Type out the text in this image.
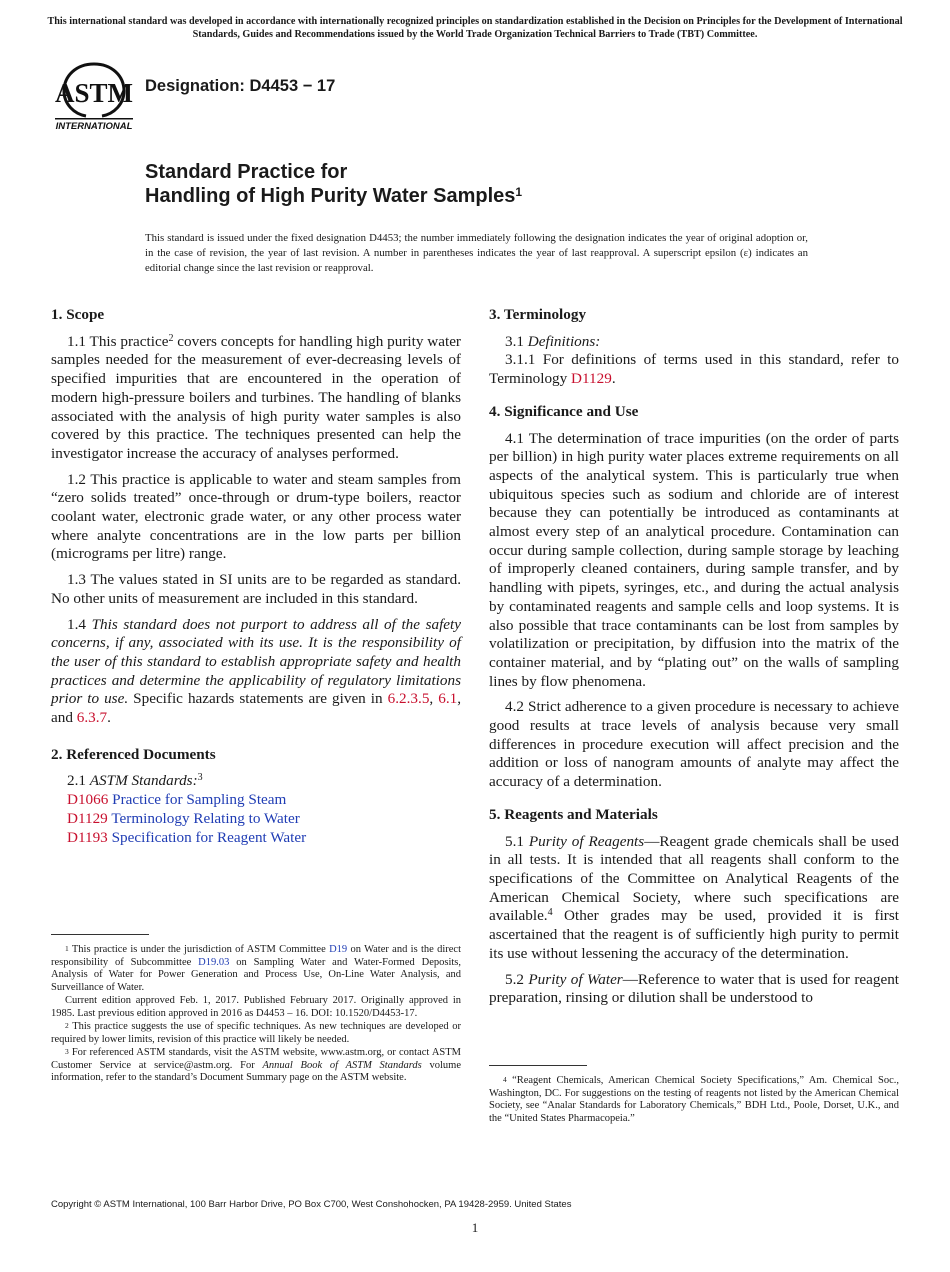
This international standard was developed in accordance with internationally recognized principles on standardization established in the Decision on Principles for the Development of International Standards, Guides and Recommendations issued by the World Trade Organization Technical Barriers to Trade (TBT) Committee.
ASTM
INTERNATIONAL
Designation: D4453 − 17
Standard Practice for
Handling of High Purity Water Samples$^1$
This standard is issued under the fixed designation D4453; the number immediately following the designation indicates the year of original adoption or, in the case of revision, the year of last revision. A number in parentheses indicates the year of last reapproval. A superscript epsilon (ε) indicates an editorial change since the last revision or reapproval.
1. Scope

1.1 This practice$^2$ covers concepts for handling high purity water samples needed for the measurement of ever-decreasing levels of specified impurities that are encountered in the operation of modern high-pressure boilers and turbines. The handling of blanks associated with the analysis of high purity water samples is also covered by this practice. The techniques presented can help the investigator increase the accuracy of analyses performed.

1.2 This practice is applicable to water and steam samples from “zero solids treated” once-through or drum-type boilers, reactor coolant water, electronic grade water, or any other process water where analyte concentrations are in the low parts per billion (micrograms per litre) range.

1.3 The values stated in SI units are to be regarded as standard. No other units of measurement are included in this standard.

1.4 This standard does not purport to address all of the safety concerns, if any, associated with its use. It is the responsibility of the user of this standard to establish appropriate safety and health practices and determine the applicability of regulatory limitations prior to use. Specific hazards statements are given in 6.2.3.5, 6.1, and 6.3.7.

2. Referenced Documents
2.1 ASTM Standards:$^3$
D1066 Practice for Sampling Steam
D1129 Terminology Relating to Water
D1193 Specification for Reagent Water
3. Terminology

3.1 Definitions:

3.1.1 For definitions of terms used in this standard, refer to Terminology D1129.

4. Significance and Use

4.1 The determination of trace impurities (on the order of parts per billion) in high purity water places extreme requirements on all aspects of the analytical system. This is particularly true when ubiquitous species such as sodium and chloride are of interest because they can potentially be introduced as contaminants at almost every step of an analytical procedure. Contamination can occur during sample collection, during sample storage by leaching of improperly cleaned containers, during sample transfer, and by handling with pipets, syringes, etc., and during the actual analysis by contaminated reagents and sample cells and loop systems. It is also possible that trace contaminants can be lost from samples by volatilization or precipitation, by diffusion into the matrix of the container material, and by “plating out” on the walls of sampling lines by flow phenomena.

4.2 Strict adherence to a given procedure is necessary to achieve good results at trace levels of analysis because very small differences in procedure execution will affect precision and the addition or loss of nanogram amounts of analyte may affect the accuracy of a determination.

5. Reagents and Materials

5.1 Purity of Reagents—Reagent grade chemicals shall be used in all tests. It is intended that all reagents shall conform to the specifications of the Committee on Analytical Reagents of the American Chemical Society, where such specifications are available.$^4$ Other grades may be used, provided it is first ascertained that the reagent is of sufficiently high purity to permit its use without lessening the accuracy of the determination.

5.2 Purity of Water—Reference to water that is used for reagent preparation, rinsing or dilution shall be understood to

$^1$ This practice is under the jurisdiction of ASTM Committee D19 on Water and is the direct responsibility of Subcommittee D19.03 on Sampling Water and Water-Formed Deposits, Analysis of Water for Power Generation and Process Use, On-Line Water Analysis, and Surveillance of Water.

Current edition approved Feb. 1, 2017. Published February 2017. Originally approved in 1985. Last previous edition approved in 2016 as D4453 – 16. DOI: 10.1520/D4453-17.

$^2$ This practice suggests the use of specific techniques. As new techniques are developed or required by lower limits, revision of this practice will likely be needed.

$^3$ For referenced ASTM standards, visit the ASTM website, www.astm.org, or contact ASTM Customer Service at service@astm.org. For Annual Book of ASTM Standards volume information, refer to the standard’s Document Summary page on the ASTM website.	$^4$ “Reagent Chemicals, American Chemical Society Specifications,” Am. Chemical Soc., Washington, DC. For suggestions on the testing of reagents not listed by the American Chemical Society, see “Analar Standards for Laboratory Chemicals,” BDH Ltd., Poole, Dorset, U.K., and the “United States Pharmacopeia.”

Copyright © ASTM International, 100 Barr Harbor Drive, PO Box C700, West Conshohocken, PA 19428-2959. United States
1
